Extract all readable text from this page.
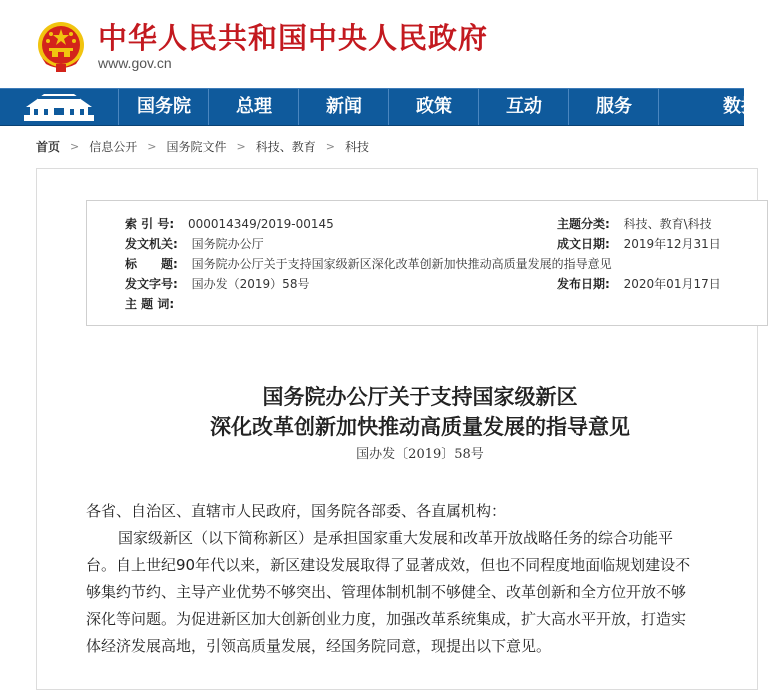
中华人民共和国中央人民政府
www.gov.cn
国务院	总理	新闻	政策	互动	服务	数据
首页 > 信息公开 > 国务院文件 > 科技、教育 > 科技
索 引 号: 000014349/2019-00145	主题分类: 科技、教育\科技
发文机关: 国务院办公厅	成文日期: 2019年12月31日
标　　题: 国务院办公厅关于支持国家级新区深化改革创新加快推动高质量发展的指导意见
发文字号: 国办发（2019）58号	发布日期: 2020年01月17日
主 题 词:
国务院办公厅关于支持国家级新区
深化改革创新加快推动高质量发展的指导意见
国办发〔2019〕58号
各省、自治区、直辖市人民政府，国务院各部委、各直属机构：
国家级新区（以下简称新区）是承担国家重大发展和改革开放战略任务的综合功能平
台。自上世纪90年代以来，新区建设发展取得了显著成效，但也不同程度地面临规划建设不
够集约节约、主导产业优势不够突出、管理体制机制不够健全、改革创新和全方位开放不够
深化等问题。为促进新区加大创新创业力度，加强改革系统集成，扩大高水平开放，打造实
体经济发展高地，引领高质量发展，经国务院同意，现提出以下意见。
